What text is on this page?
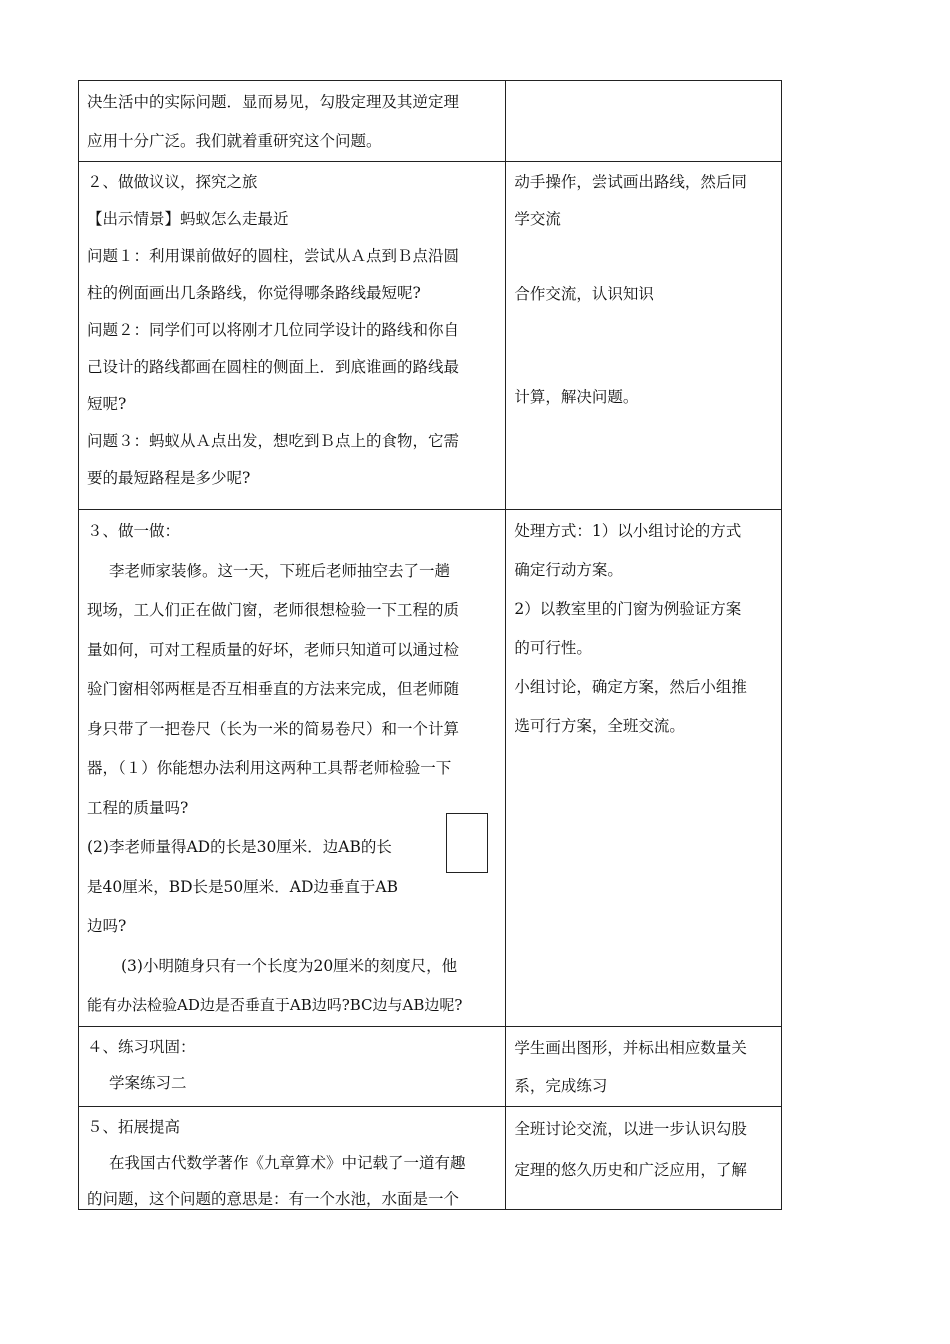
决生活中的实际问题．显而易见，勾股定理及其逆定理
应用十分广泛。我们就着重研究这个问题。
２、做做议议，探究之旅
【出示情景】蚂蚁怎么走最近
问题１：利用课前做好的圆柱，尝试从Ａ点到Ｂ点沿圆
柱的例面画出几条路线，你觉得哪条路线最短呢?
问题２：同学们可以将刚才几位同学设计的路线和你自
己设计的路线都画在圆柱的侧面上．到底谁画的路线最
短呢?
问题３：蚂蚁从Ａ点出发，想吃到Ｂ点上的食物，它需
要的最短路程是多少呢?
动手操作，尝试画出路线，然后同
学交流
合作交流，认识知识
计算，解决问题。
３、做一做：
李老师家装修。这一天，下班后老师抽空去了一趟
现场，工人们正在做门窗，老师很想检验一下工程的质
量如何，可对工程质量的好坏，老师只知道可以通过检
验门窗相邻两框是否互相垂直的方法来完成，但老师随
身只带了一把卷尺（长为一米的简易卷尺）和一个计算
器，（１）你能想办法利用这两种工具帮老师检验一下
工程的质量吗?
(2)李老师量得AD的长是30厘米．边AB的长
是40厘米，BD长是50厘米．AD边垂直于AB
边吗?
(3)小明随身只有一个长度为20厘米的刻度尺，他
能有办法检验AD边是否垂直于AB边吗?BC边与AB边呢?
处理方式：1）以小组讨论的方式
确定行动方案。
2）以教室里的门窗为例验证方案
的可行性。
小组讨论，确定方案，然后小组推
选可行方案，全班交流。
４、练习巩固：
学案练习二
学生画出图形，并标出相应数量关
系，完成练习
５、拓展提高
在我国古代数学著作《九章算术》中记载了一道有趣
的问题，这个问题的意思是：有一个水池，水面是一个
全班讨论交流，以进一步认识勾股
定理的悠久历史和广泛应用，了解
